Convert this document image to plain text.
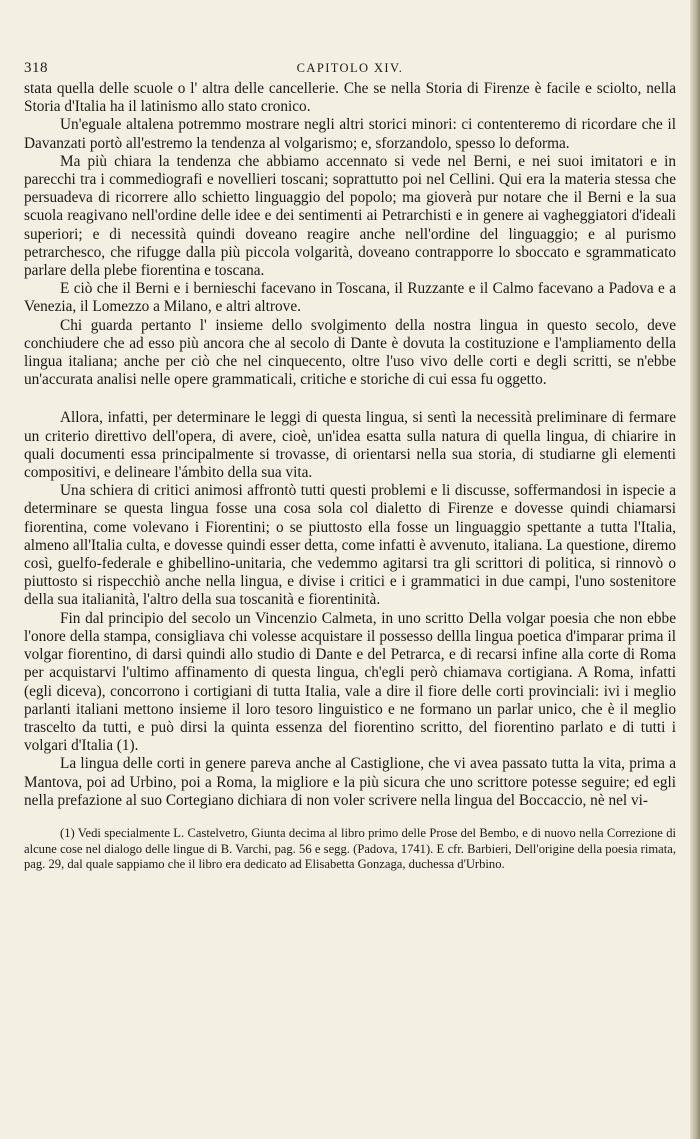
318	CAPITOLO XIV.

stata quella delle scuole o l' altra delle cancellerie. Che se nella Storia di Firenze è facile e sciolto, nella Storia d'Italia ha il latinismo allo stato cronico.

Un'eguale altalena potremmo mostrare negli altri storici minori: ci contenteremo di ricordare che il Davanzati portò all'estremo la tendenza al volgarismo; e, sforzandolo, spesso lo deforma.

Ma più chiara la tendenza che abbiamo accennato si vede nel Berni, e nei suoi imitatori e in parecchi tra i commediografi e novellieri toscani; soprattutto poi nel Cellini. Qui era la materia stessa che persuadeva di ricorrere allo schietto linguaggio del popolo; ma gioverà pur notare che il Berni e la sua scuola reagivano nell'ordine delle idee e dei sentimenti ai Petrarchisti e in genere ai vagheggiatori d'ideali superiori; e di necessità quindi doveano reagire anche nell'ordine del linguaggio; e al purismo petrarchesco, che rifugge dalla più piccola volgarità, doveano contrapporre lo sboccato e sgrammaticato parlare della plebe fiorentina e toscana.

E ciò che il Berni e i bernieschi facevano in Toscana, il Ruzzante e il Calmo facevano a Padova e a Venezia, il Lomezzo a Milano, e altri altrove.

Chi guarda pertanto l' insieme dello svolgimento della nostra lingua in questo secolo, deve conchiudere che ad esso più ancora che al secolo di Dante è dovuta la costituzione e l'ampliamento della lingua italiana; anche per ciò che nel cinquecento, oltre l'uso vivo delle corti e degli scritti, se n'ebbe un'accurata analisi nelle opere grammaticali, critiche e storiche di cui essa fu oggetto.

Allora, infatti, per determinare le leggi di questa lingua, si sentì la necessità preliminare di fermare un criterio direttivo dell'opera, di avere, cioè, un'idea esatta sulla natura di quella lingua, di chiarire in quali documenti essa principalmente si trovasse, di orientarsi nella sua storia, di studiarne gli elementi compositivi, e delineare l'ámbito della sua vita.

Una schiera di critici animosi affrontò tutti questi problemi e li discusse, soffermandosi in ispecie a determinare se questa lingua fosse una cosa sola col dialetto di Firenze e dovesse quindi chiamarsi fiorentina, come volevano i Fiorentini; o se piuttosto ella fosse un linguaggio spettante a tutta l'Italia, almeno all'Italia culta, e dovesse quindi esser detta, come infatti è avvenuto, italiana. La questione, diremo così, guelfo-federale e ghibellino-unitaria, che vedemmo agitarsi tra gli scrittori di politica, si rinnovò o piuttosto si rispecchiò anche nella lingua, e divise i critici e i grammatici in due campi, l'uno sostenitore della sua italianità, l'altro della sua toscanità e fiorentinità.

Fin dal principio del secolo un Vincenzio Calmeta, in uno scritto Della volgar poesia che non ebbe l'onore della stampa, consigliava chi volesse acquistare il possesso dellla lingua poetica d'imparar prima il volgar fiorentino, di darsi quindi allo studio di Dante e del Petrarca, e di recarsi infine alla corte di Roma per acquistarvi l'ultimo affinamento di questa lingua, ch'egli però chiamava cortigiana. A Roma, infatti (egli diceva), concorrono i cortigiani di tutta Italia, vale a dire il fiore delle corti provinciali: ivi i meglio parlanti italiani mettono insieme il loro tesoro linguistico e ne formano un parlar unico, che è il meglio trascelto da tutti, e può dirsi la quinta essenza del fiorentino scritto, del fiorentino parlato e di tutti i volgari d'Italia (1).

La lingua delle corti in genere pareva anche al Castiglione, che vi avea passato tutta la vita, prima a Mantova, poi ad Urbino, poi a Roma, la migliore e la più sicura che uno scrittore potesse seguire; ed egli nella prefazione al suo Cortegiano dichiara di non voler scrivere nella lingua del Boccaccio, nè nel vi-

(1) Vedi specialmente L. Castelvetro, Giunta decima al libro primo delle Prose del Bembo, e di nuovo nella Correzione di alcune cose nel dialogo delle lingue di B. Varchi, pag. 56 e segg. (Padova, 1741). E cfr. Barbieri, Dell'origine della poesia rimata, pag. 29, dal quale sappiamo che il libro era dedicato ad Elisabetta Gonzaga, duchessa d'Urbino.
